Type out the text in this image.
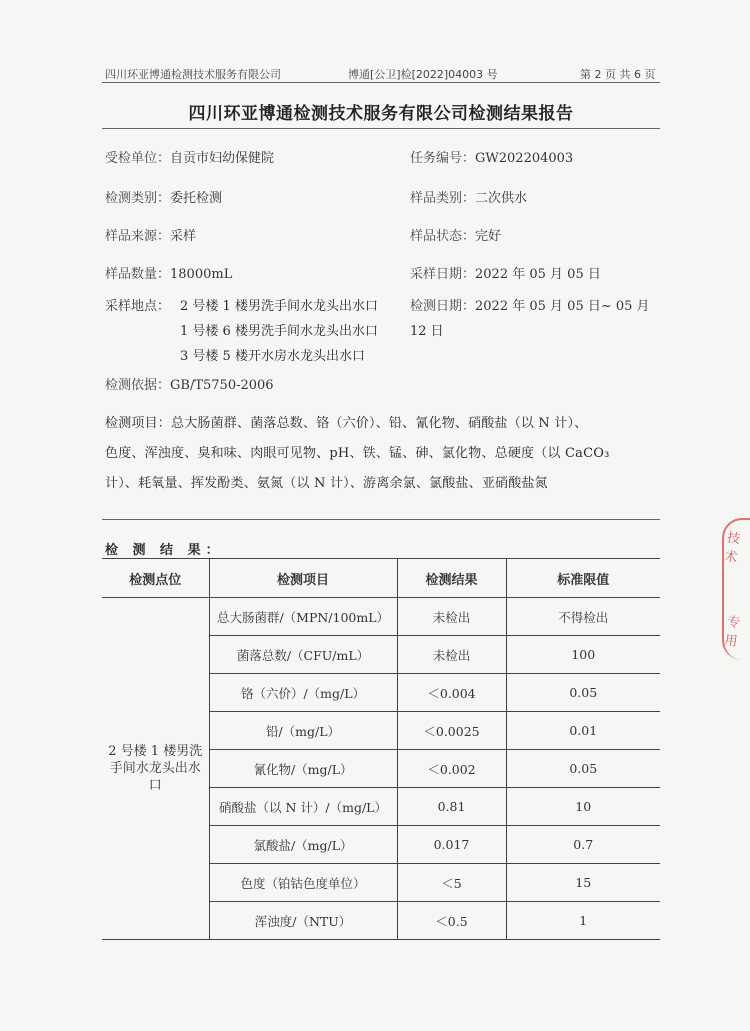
四川环亚博通检测技术服务有限公司	博通[公卫]检[2022]04003 号	第 2 页 共 6 页
四川环亚博通检测技术服务有限公司检测结果报告
受检单位：自贡市妇幼保健院	任务编号：GW202204003
检测类别：委托检测	样品类别：二次供水
样品来源：采样	样品状态：完好
样品数量：18000mL	采样日期：2022 年 05 月 05 日
采样地点： 2 号楼 1 楼男洗手间水龙头出水口
1 号楼 6 楼男洗手间水龙头出水口
3 号楼 5 楼开水房水龙头出水口
检测日期：2022 年 05 月 05 日~ 05 月
12 日
检测依据：GB/T5750-2006
检测项目：总大肠菌群、菌落总数、铬（六价）、铅、氰化物、硝酸盐（以 N 计）、
色度、浑浊度、臭和味、肉眼可见物、pH、铁、锰、砷、氯化物、总硬度（以 CaCO₃
计）、耗氧量、挥发酚类、氨氮（以 N 计）、游离余氯、氯酸盐、亚硝酸盐氮
检 测 结 果：
检测点位	检测项目	检测结果	标准限值
2 号楼 1 楼男洗手间水龙头出水口	总大肠菌群/（MPN/100mL）	未检出	不得检出
	菌落总数/（CFU/mL）	未检出	100
	铬（六价）/（mg/L）	＜0.004	0.05
	铅/（mg/L）	＜0.0025	0.01
	氰化物/（mg/L）	＜0.002	0.05
	硝酸盐（以 N 计）/（mg/L）	0.81	10
	氯酸盐/（mg/L）	0.017	0.7
	色度（铂钴色度单位）	＜5	15
	浑浊度/（NTU）	＜0.5	1
技术
专用
